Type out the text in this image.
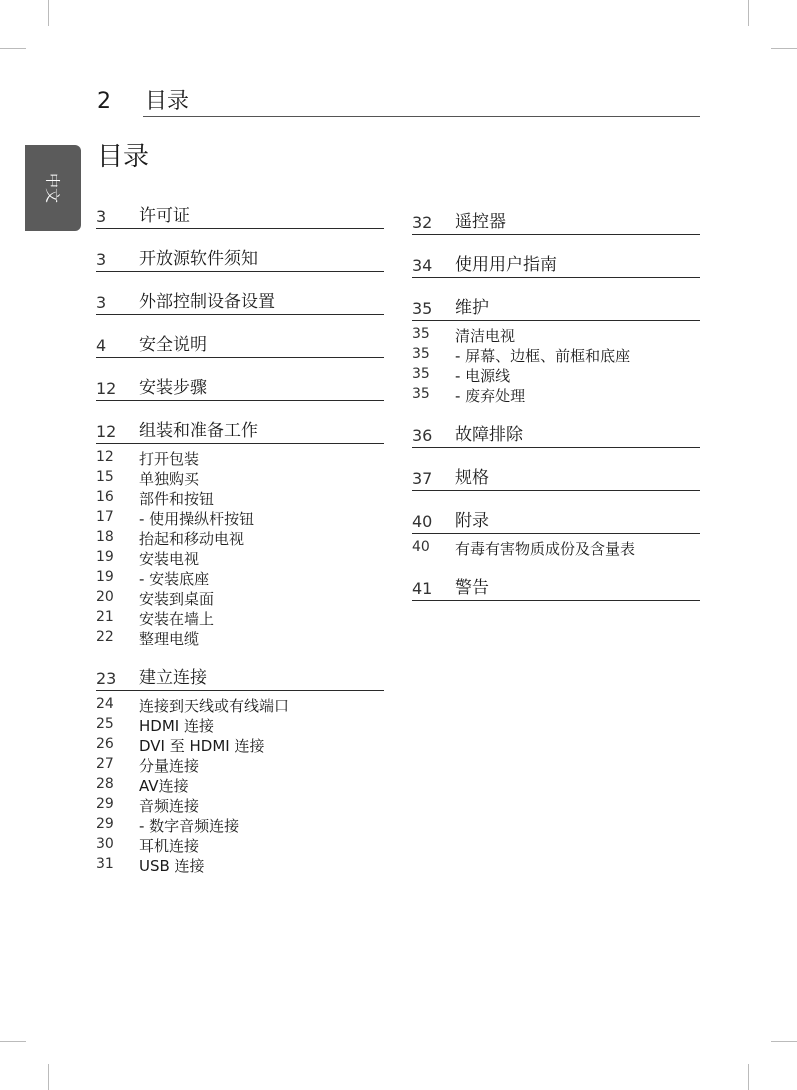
2 目录
中文
目录
3 许可证
3 开放源软件须知
3 外部控制设备设置
4 安全说明
12 安装步骤
12 组装和准备工作
12 打开包装
15 单独购买
16 部件和按钮
17 - 使用操纵杆按钮
18 抬起和移动电视
19 安装电视
19 - 安装底座
20 安装到桌面
21 安装在墙上
22 整理电缆
23 建立连接
24 连接到天线或有线端口
25 HDMI 连接
26 DVI 至 HDMI 连接
27 分量连接
28 AV连接
29 音频连接
29 - 数字音频连接
30 耳机连接
31 USB 连接
32 遥控器
34 使用用户指南
35 维护
35 清洁电视
35 - 屏幕、边框、前框和底座
35 - 电源线
35 - 废弃处理
36 故障排除
37 规格
40 附录
40 有毒有害物质成份及含量表
41 警告
